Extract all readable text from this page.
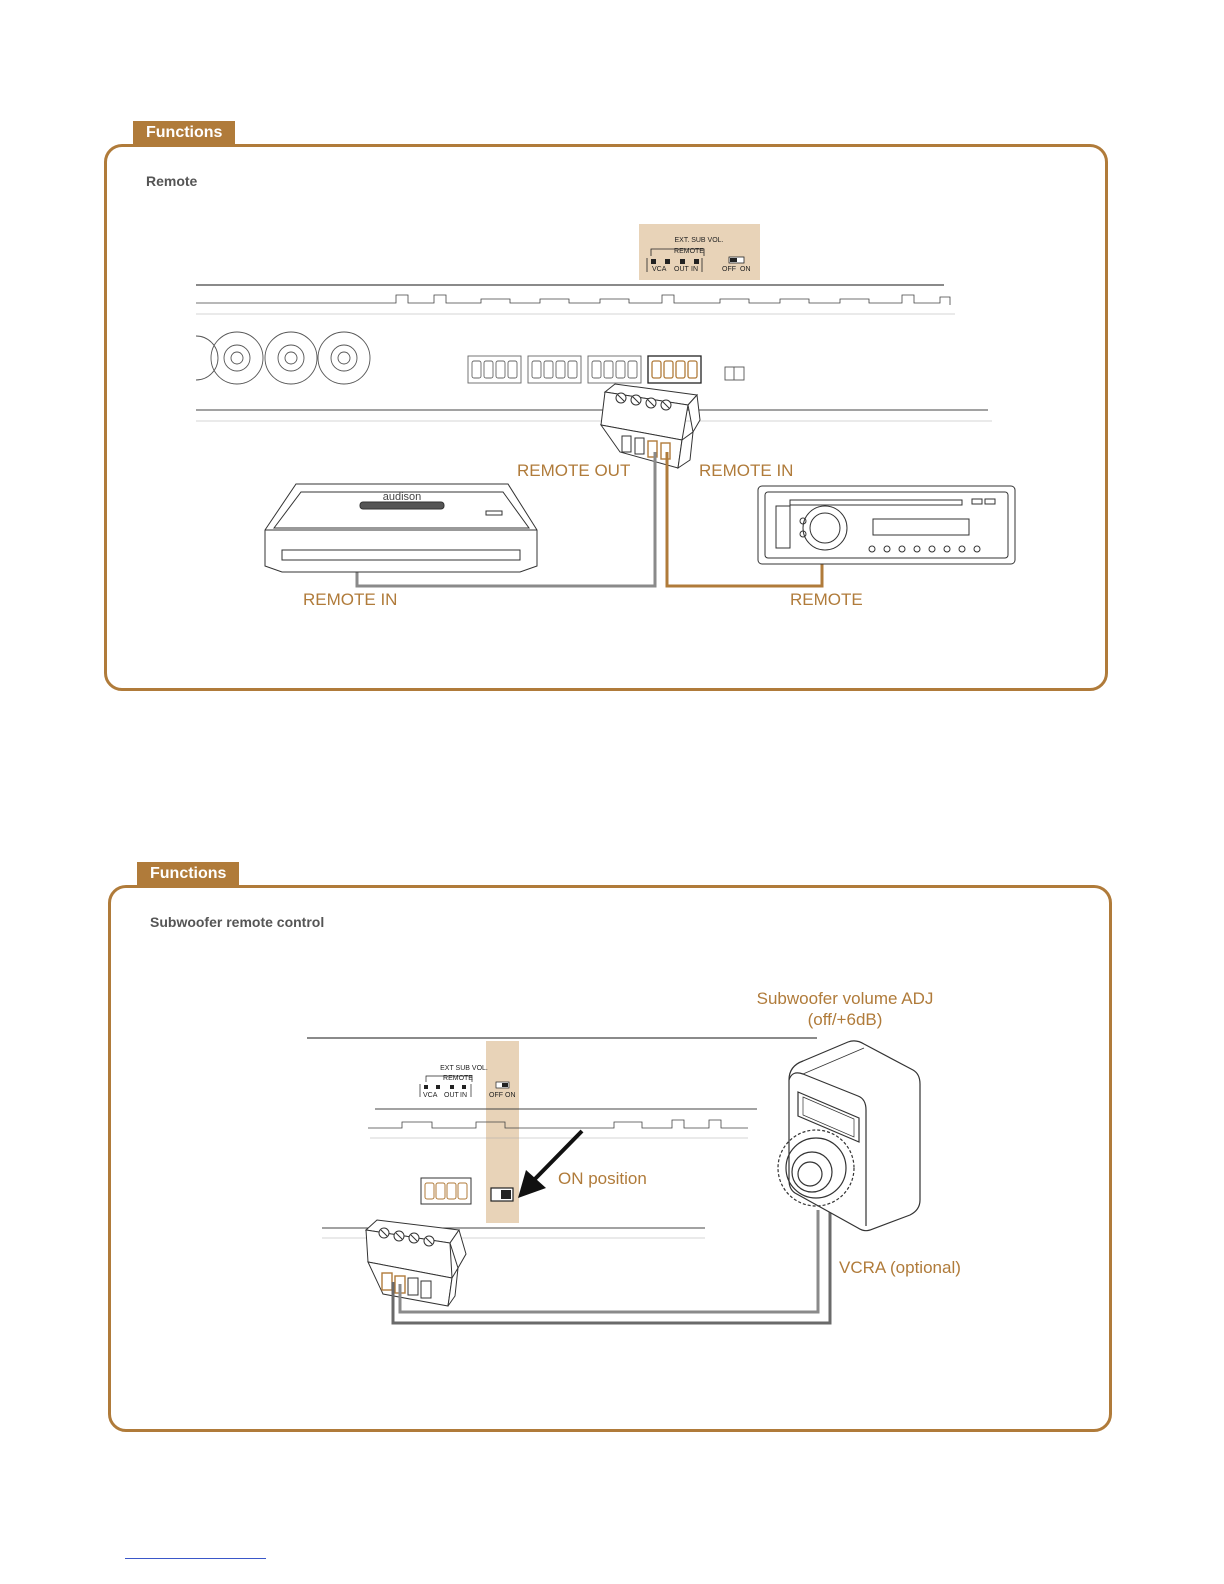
Functions
Remote
EXT. SUB VOL.
REMOTE
VCA OUT IN	OFF ON
audison
REMOTE OUT	REMOTE IN
REMOTE IN	REMOTE
Functions
Subwoofer remote control
EXT SUB VOL.
REMOTE
VCA OUT IN	OFF ON
Subwoofer volume ADJ
(off/+6dB)
ON position
VCRA (optional)
